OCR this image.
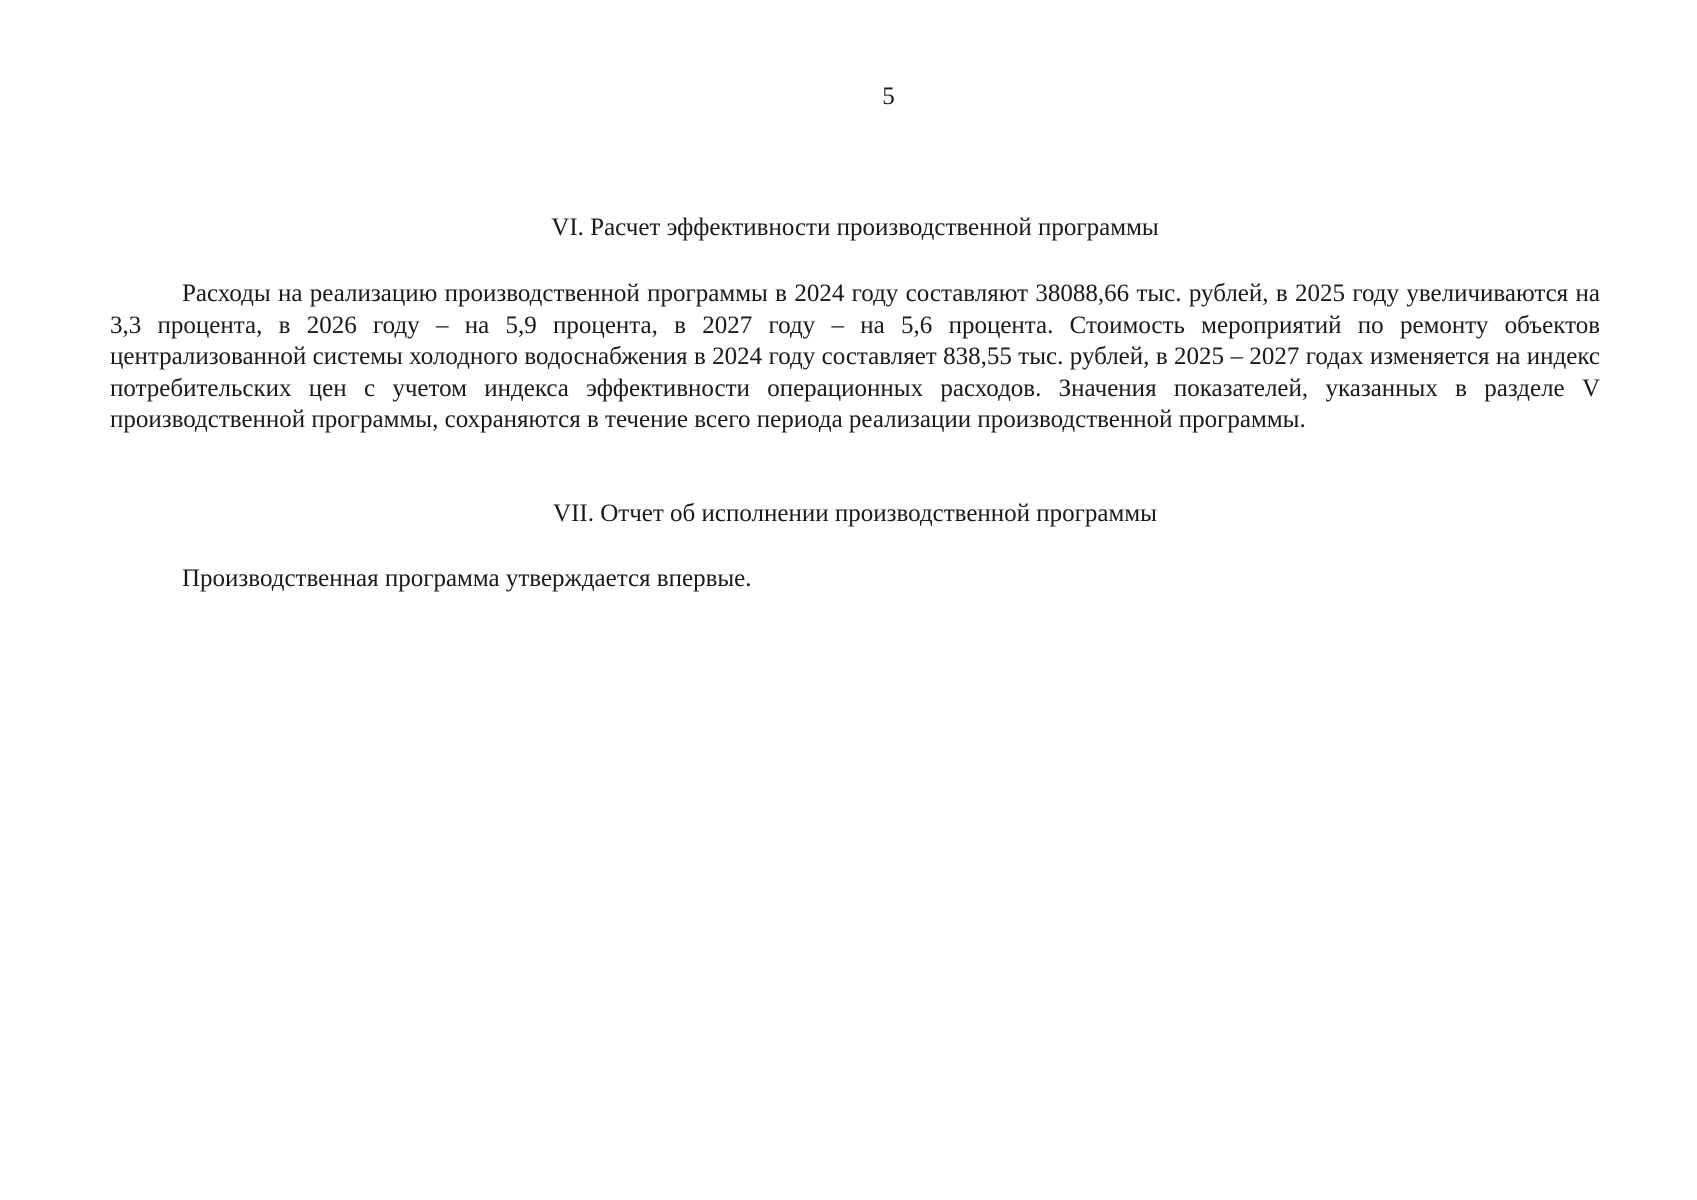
5
VI. Расчет эффективности производственной программы

Расходы на реализацию производственной программы в 2024 году составляют 38088,66 тыс. рублей, в 2025 году увеличиваются на 3,3 процента, в 2026 году – на 5,9 процента, в 2027 году – на 5,6 процента. Стоимость мероприятий по ремонту объектов централизованной системы холодного водоснабжения в 2024 году составляет 838,55 тыс. рублей, в 2025 – 2027 годах изменяется на индекс потребительских цен с учетом индекса эффективности операционных расходов. Значения показателей, указанных в разделе V производственной программы, сохраняются в течение всего периода реализации производственной программы.

VII. Отчет об исполнении производственной программы

Производственная программа утверждается впервые.
